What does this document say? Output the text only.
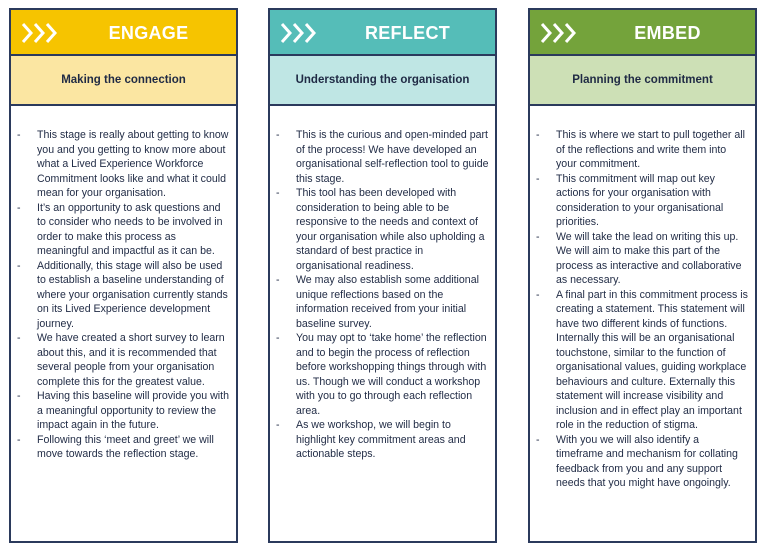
ENGAGE
Making the connection
- This stage is really about getting to know you and you getting to know more about what a Lived Experience Workforce Commitment looks like and what it could mean for your organisation.
- It’s an opportunity to ask questions and to consider who needs to be involved in order to make this process as meaningful and impactful as it can be.
- Additionally, this stage will also be used to establish a baseline understanding of where your organisation currently stands on its Lived Experience development journey.
- We have created a short survey to learn about this, and it is recommended that several people from your organisation complete this for the greatest value.
- Having this baseline will provide you with a meaningful opportunity to review the impact again in the future.
- Following this ‘meet and greet’ we will move towards the reflection stage.
REFLECT
Understanding the organisation
- This is the curious and open-minded part of the process! We have developed an organisational self-reflection tool to guide this stage.
- This tool has been developed with consideration to being able to be responsive to the needs and context of your organisation while also upholding a standard of best practice in organisational readiness.
- We may also establish some additional unique reflections based on the information received from your initial baseline survey.
- You may opt to ‘take home’ the reflection and to begin the process of reflection before workshopping things through with us. Though we will conduct a workshop with you to go through each reflection area.
- As we workshop, we will begin to highlight key commitment areas and actionable steps.
EMBED
Planning the commitment
- This is where we start to pull together all of the reflections and write them into your commitment.
- This commitment will map out key actions for your organisation with consideration to your organisational priorities.
- We will take the lead on writing this up. We will aim to make this part of the process as interactive and collaborative as necessary.
- A final part in this commitment process is creating a statement. This statement will have two different kinds of functions. Internally this will be an organisational touchstone, similar to the function of organisational values, guiding workplace behaviours and culture. Externally this statement will increase visibility and inclusion and in effect play an important role in the reduction of stigma.
- With you we will also identify a timeframe and mechanism for collating feedback from you and any support needs that you might have ongoingly.
